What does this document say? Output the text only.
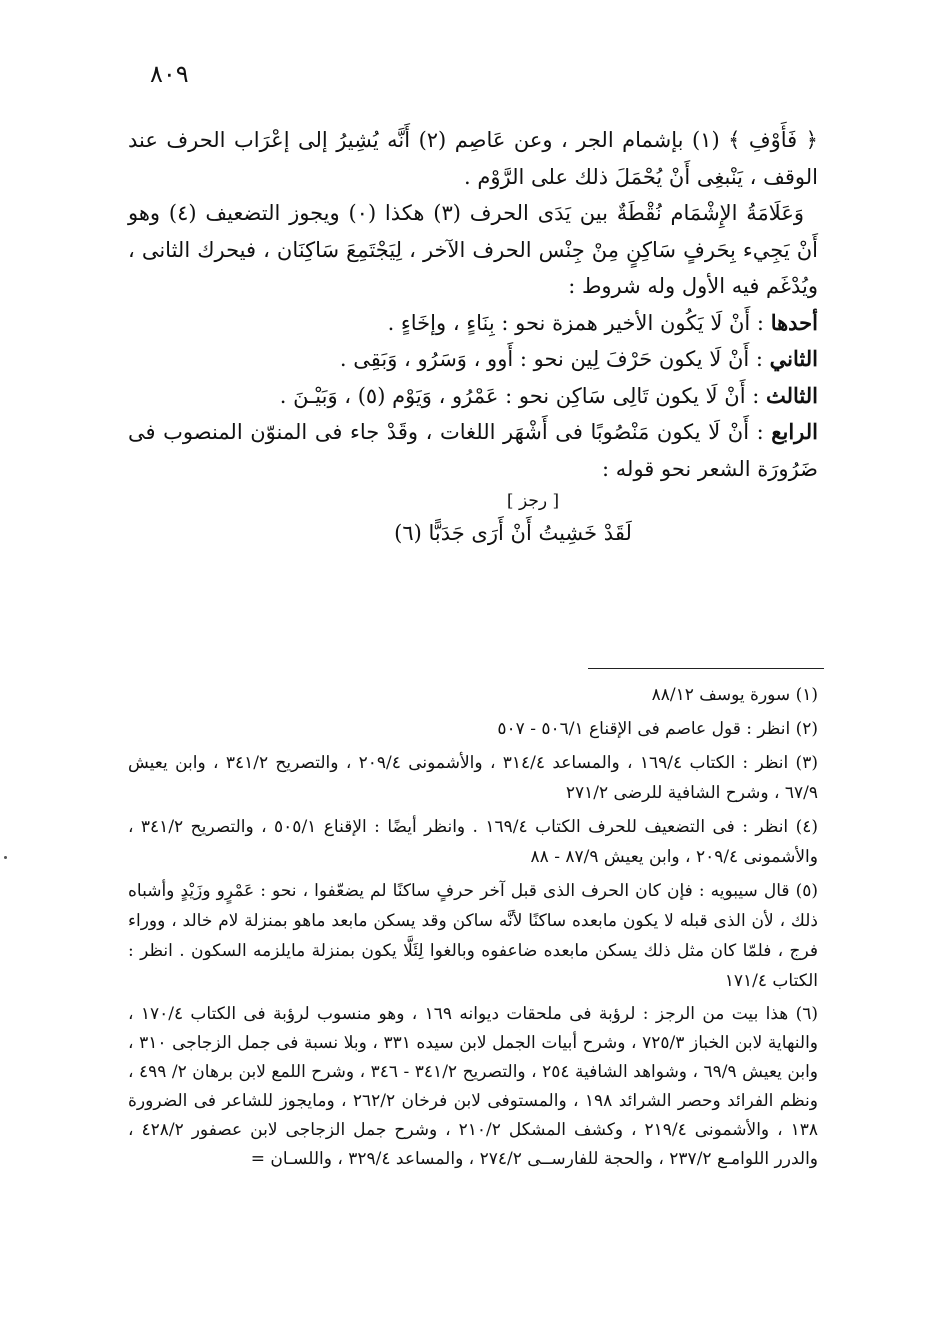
٨٠٩

﴿ فَأَوْفِ ﴾ (١) بإشمام الجر ، وعن عَاصِم (٢) أَنَّه يُشِيرُ إلى إعْرَاب الحرف عند الوقف ، يَنْبغِى أَنْ يُحْمَلَ ذلك على الرَّوْم .

وَعَلَامَةُ الإِشْمَام نُقْطَةٌ بين يَدَى الحرف (٣) هكذا (٠) ويجوز التضعيف (٤) وهو أَنْ يَجِيء بِحَرفٍ سَاكِنٍ مِنْ جِنْس الحرف الآخر ، لِيَجْتَمِعَ سَاكِنَان ، فيحرك الثانى ، ويُدْغَم فيه الأول وله شروط :

أحدها : أَنْ لَا يَكُون الأخير همزة نحو : بِنَاءٍ ، وإخَاءٍ .

الثاني : أَنْ لَا يكون حَرْفَ لِين نحو : أَوو ، وَسَرُو ، وَبَقِى .

الثالث : أَنْ لَا يكون تَالِى سَاكِن نحو : عَمْرُو ، وَيَوْم (٥) ، وَبَيْـنَ .

الرابع : أَنْ لَا يكون مَنْصُوبًا فى أَشْهَر اللغات ، وقَدْ جاء فى المنوّن المنصوب فى ضَرُورَة الشعر نحو قوله :

[ رجز ]
لَقَدْ خَشِيتُ أَنْ أَرَى جَدَبًّا (٦)

(١) سورة يوسف ٨٨/١٢

(٢) انظر : قول عاصم فى الإقناع ٥٠٦/١ - ٥٠٧

(٣) انظر : الكتاب ١٦٩/٤ ، والمساعد ٣١٤/٤ ، والأشمونى ٢٠٩/٤ ، والتصريح ٣٤١/٢ ، وابن يعيش ٦٧/٩ ، وشرح الشافية للرضى ٢٧١/٢

(٤) انظر : فى التضعيف للحرف الكتاب ١٦٩/٤ . وانظر أيضًا : الإقناع ٥٠٥/١ ، والتصريح ٣٤١/٢ ، والأشمونى ٢٠٩/٤ ، وابن يعيش ٨٧/٩ - ٨٨

(٥) قال سيبويه : فإن كان الحرف الذى قبل آخر حرفٍ ساكنًا لم يضعّفوا ، نحو : عَمْرٍو وزَيْدٍ وأشباه ذلك ، لأن الذى قبله لا يكون مابعده ساكنًا لأنَّه ساكن وقد يسكن مابعد ماهو بمنزلة لام خالد ، ووراء فرج ، فلمّا كان مثل ذلك يسكن مابعده ضاعفوه وبالغوا لِئَلَّا يكون بمنزلة مايلزمه السكون . انظر : الكتاب ١٧١/٤

(٦) هذا بيت من الرجز : لرؤبة فى ملحقات ديوانه ١٦٩ ، وهو منسوب لرؤبة فى الكتاب ١٧٠/٤ ، والنهاية لابن الخباز ٧٢٥/٣ ، وشرح أبيات الجمل لابن سيده ٣٣١ ، وبلا نسبة فى جمل الزجاجى ٣١٠ ، وابن يعيش ٦٩/٩ ، وشواهد الشافية ٢٥٤ ، والتصريح ٣٤١/٢ - ٣٤٦ ، وشرح اللمع لابن برهان ٢/ ٤٩٩ ، ونظم الفرائد وحصر الشرائد ١٩٨ ، والمستوفى لابن فرخان ٢٦٢/٢ ، ومايجوز للشاعر فى الضرورة ١٣٨ ، والأشمونى ٢١٩/٤ ، وكشف المشكل ٢١٠/٢ ، وشرح جمل الزجاجى لابن عصفور ٤٢٨/٢ ، والدرر اللوامـع ٢٣٧/٢ ، والحجة للفارســى ٢٧٤/٢ ، والمساعد ٣٢٩/٤ ، واللسـان =
